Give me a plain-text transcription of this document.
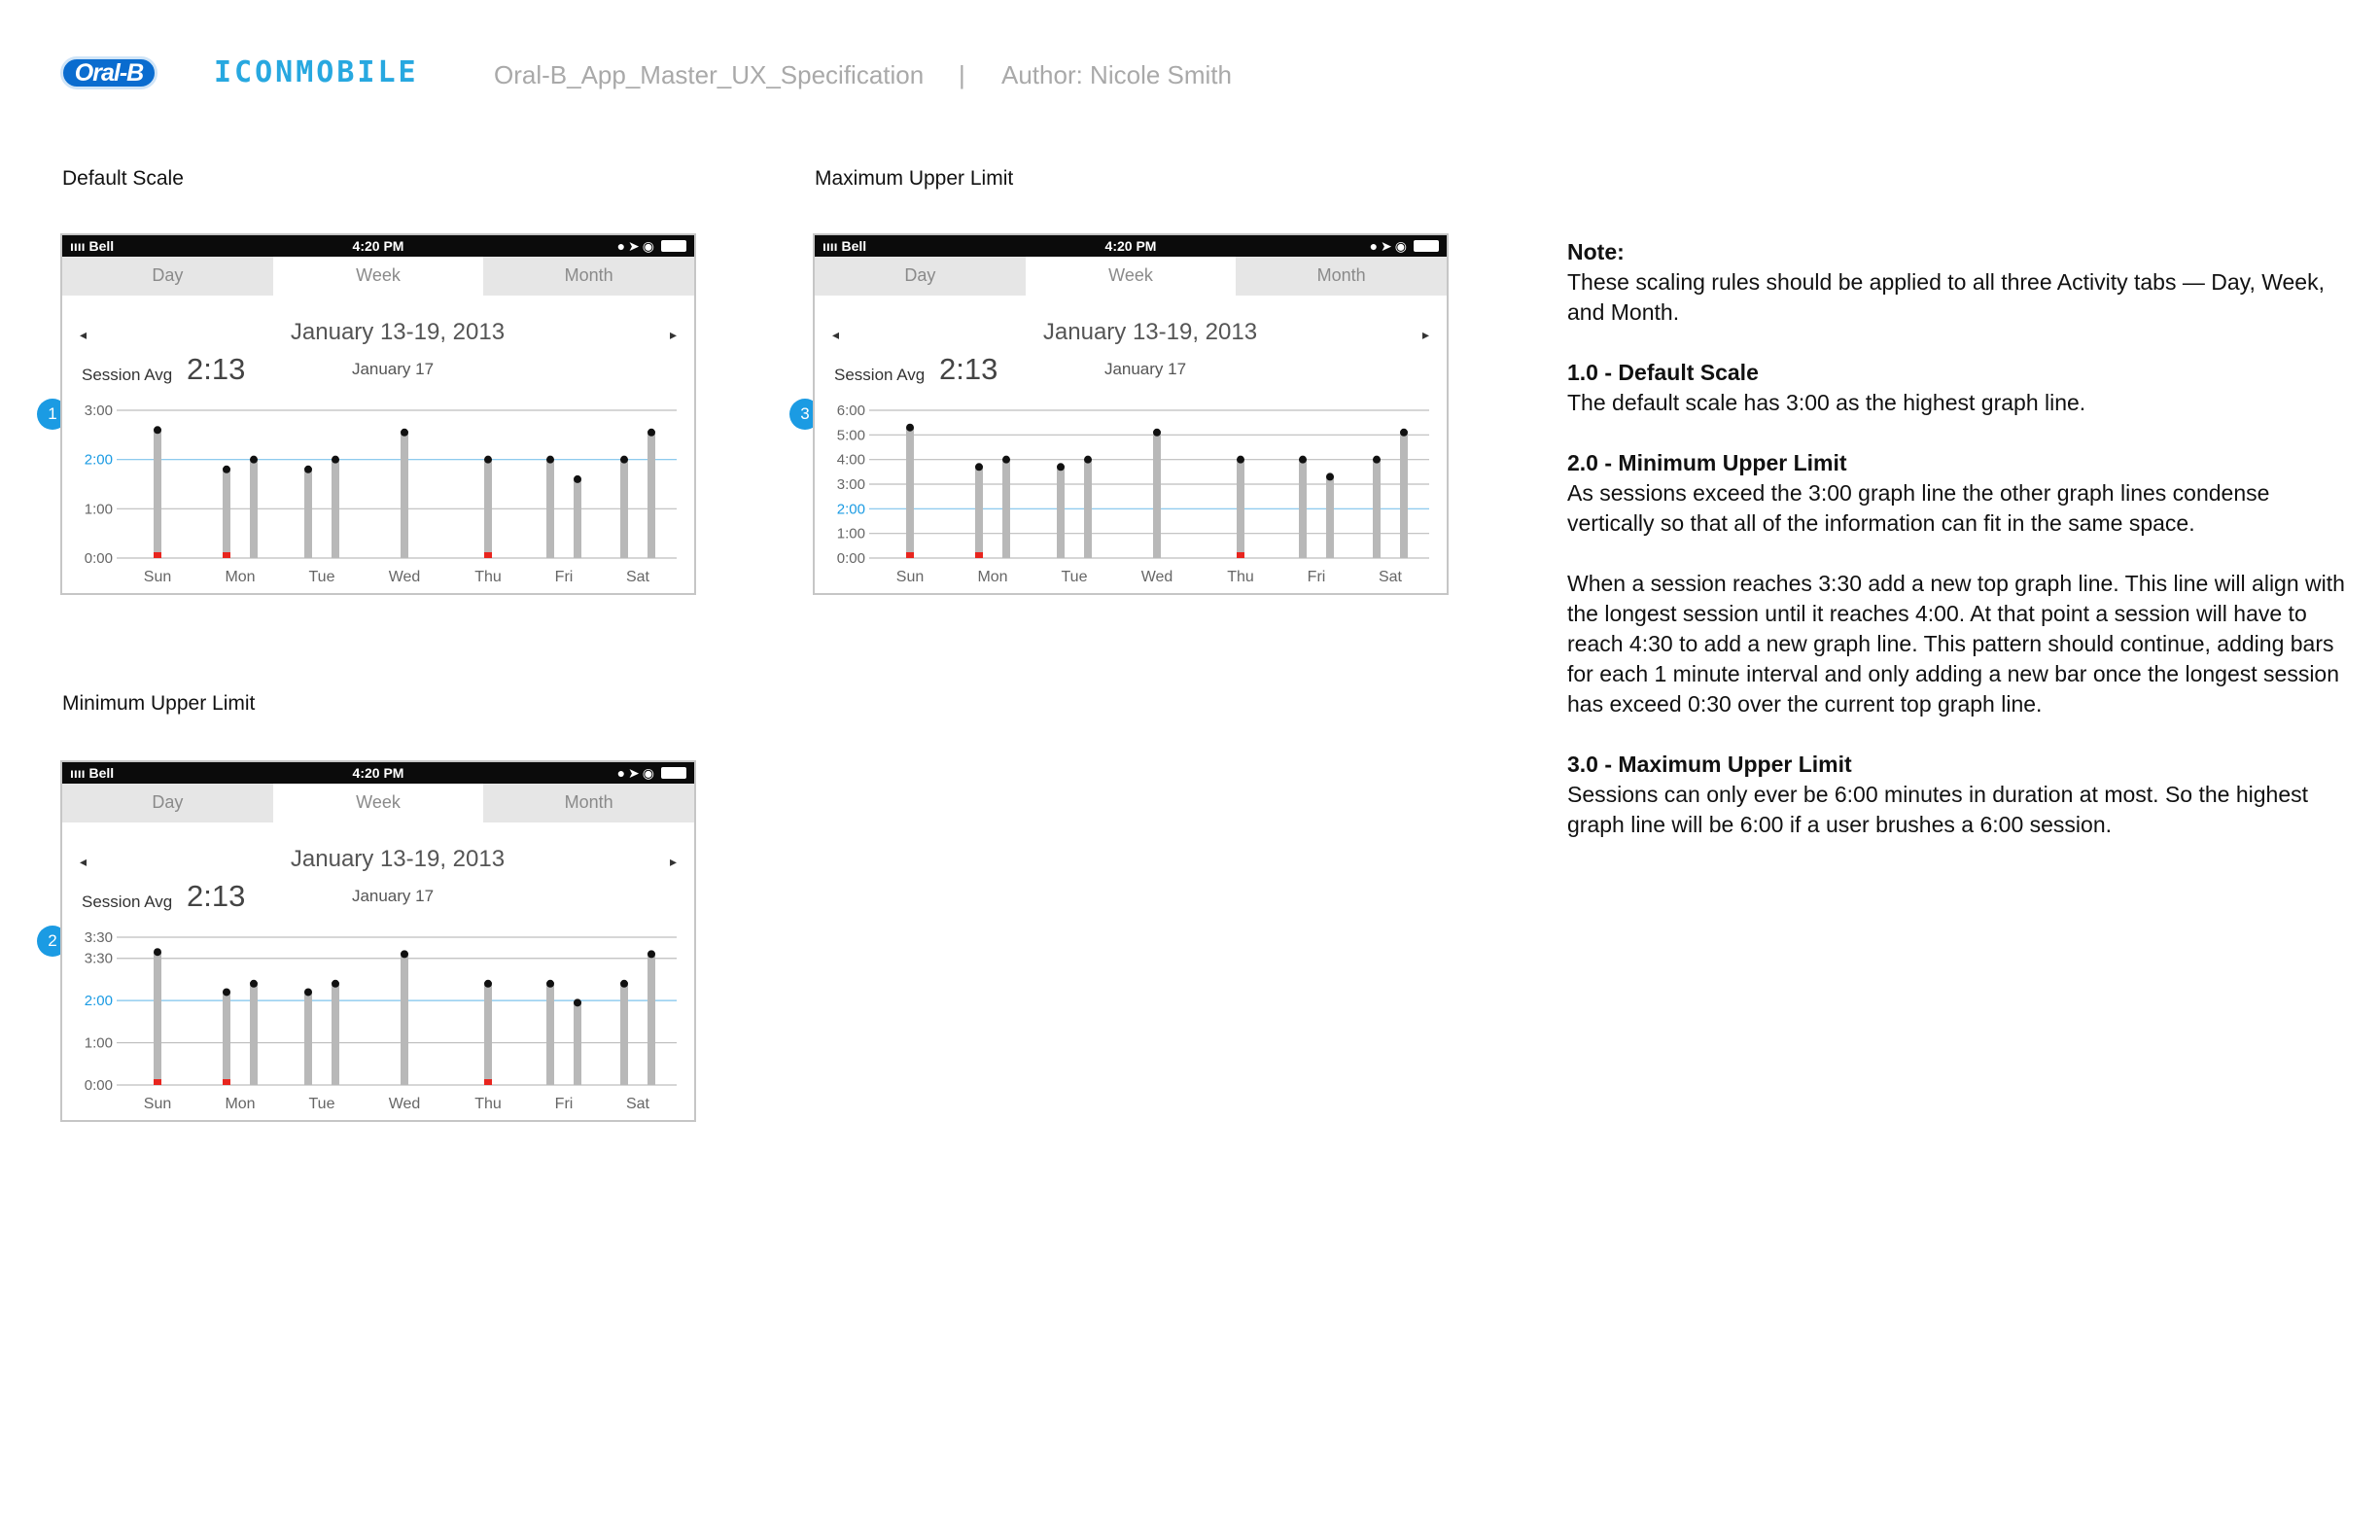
Oral-B	ICONMOBILE	Oral-B_App_Master_UX_Specification | Author: Nicole Smith
Default Scale
Minimum Upper Limit
Maximum Upper Limit
1
2
3
ıııı Bell	4:20 PM	●➤◉
Day	Week	Month
January 13-19, 2013
◂	▸
Session Avg 2:13	January 17
0:00
1:00
2:00
3:00
Sun	Mon	Tue	Wed	Thu	Fri	Sat
ıııı Bell	4:20 PM	●➤◉
Day	Week	Month
January 13-19, 2013
◂	▸
Session Avg 2:13	January 17
0:00
1:00
2:00
3:30
3:30
Sun	Mon	Tue	Wed	Thu	Fri	Sat
ıııı Bell	4:20 PM	●➤◉
Day	Week	Month
January 13-19, 2013
◂	▸
Session Avg 2:13	January 17
0:00
1:00
2:00
3:00
4:00
5:00
6:00
Sun	Mon	Tue	Wed	Thu	Fri	Sat

Note:

These scaling rules should be applied to all three Activity tabs — Day, Week, and Month.

1.0 - Default Scale

The default scale has 3:00 as the highest graph line.

2.0 - Minimum Upper Limit

As sessions exceed the 3:00 graph line the other graph lines condense vertically so that all of the information can fit in the same space.

When a session reaches 3:30 add a new top graph line. This line will align with the longest session until it reaches 4:00. At that point a session will have to reach 4:30 to add a new graph line. This pattern should continue, adding bars for each 1 minute interval and only adding a new bar once the longest session has exceed 0:30 over the current top graph line.

3.0 - Maximum Upper Limit

Sessions can only ever be 6:00 minutes in duration at most. So the highest graph line will be 6:00 if a user brushes a 6:00 session.
